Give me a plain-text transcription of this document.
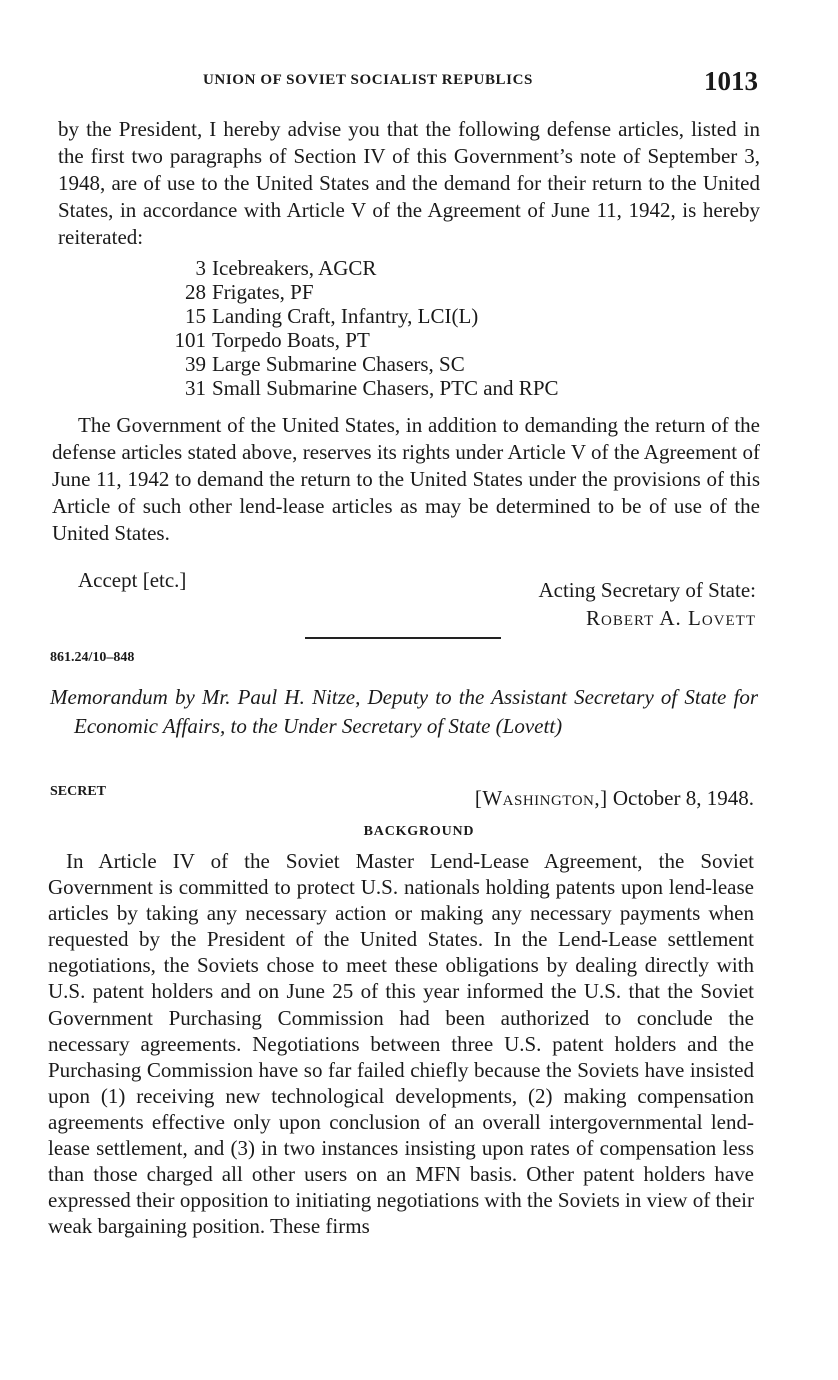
UNION OF SOVIET SOCIALIST REPUBLICS	1013

by the President, I hereby advise you that the following defense articles, listed in the first two paragraphs of Section IV of this Government’s note of September 3, 1948, are of use to the United States and the demand for their return to the United States, in accordance with Article V of the Agreement of June 11, 1942, is hereby reiterated:

3 Icebreakers, AGCR
28 Frigates, PF
15 Landing Craft, Infantry, LCI(L)
101 Torpedo Boats, PT
39 Large Submarine Chasers, SC
31 Small Submarine Chasers, PTC and RPC

The Government of the United States, in addition to demanding the return of the defense articles stated above, reserves its rights under Article V of the Agreement of June 11, 1942 to demand the return to the United States under the provisions of this Article of such other lend-lease articles as may be determined to be of use of the United States.

Accept [etc.]	Acting Secretary of State:
Robert A. Lovett
861.24/10–848
Memorandum by Mr. Paul H. Nitze, Deputy to the Assistant Secretary of State for Economic Affairs, to the Under Secretary of State (Lovett)
SECRET	[Washington,] October 8, 1948.
BACKGROUND

In Article IV of the Soviet Master Lend-Lease Agreement, the Soviet Government is committed to protect U.S. nationals holding patents upon lend-lease articles by taking any necessary action or making any necessary payments when requested by the President of the United States. In the Lend-Lease settlement negotiations, the Soviets chose to meet these obligations by dealing directly with U.S. patent holders and on June 25 of this year informed the U.S. that the Soviet Government Purchasing Commission had been authorized to conclude the necessary agreements. Negotiations between three U.S. patent holders and the Purchasing Commission have so far failed chiefly because the Soviets have insisted upon (1) receiving new technological developments, (2) making compensation agreements effective only upon conclusion of an overall intergovernmental lend-lease settlement, and (3) in two instances insisting upon rates of compensation less than those charged all other users on an MFN basis. Other patent holders have expressed their opposition to initiating negotiations with the Soviets in view of their weak bargaining position. These firms
